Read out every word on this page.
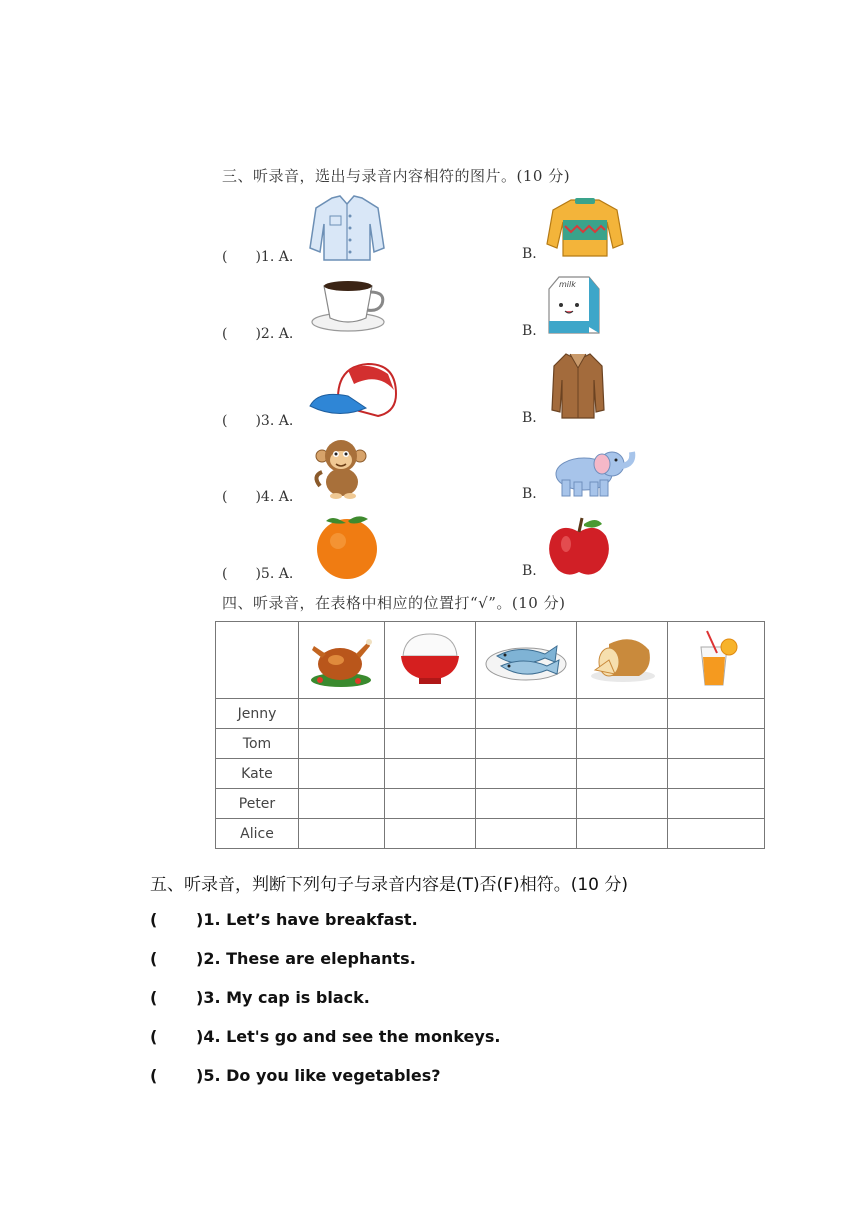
三、听录音，选出与录音内容相符的图片。(10 分)
(　　)1. A.	B.
(　　)2. A.	B.
(　　)3. A.	B.
(　　)4. A.	B.
(　　)5. A.	B.
milk
四、听录音，在表格中相应的位置打“√”。(10 分)

Jenny					
Tom					
Kate					
Peter					
Alice					
五、听录音，判断下列句子与录音内容是(T)否(F)相符。(10 分)
( )1. Let’s have breakfast.
( )2. These are elephants.
( )3. My cap is black.
( )4. Let's go and see the monkeys.
( )5. Do you like vegetables?
